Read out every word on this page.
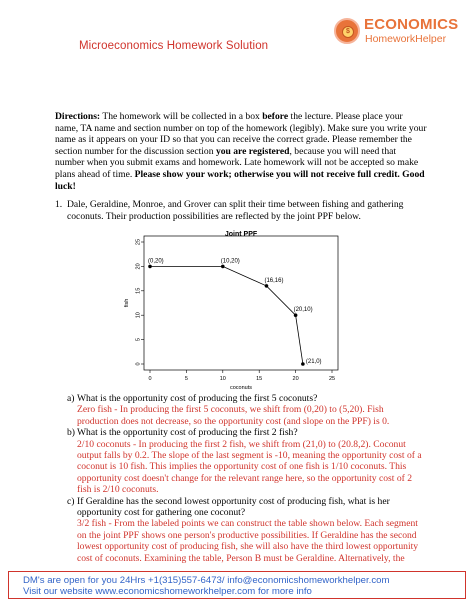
Microeconomics Homework Solution
$ ECONOMICS
HomeworkHelper
Directions: The homework will be collected in a box before the lecture. Please place your name, TA name and section number on top of the homework (legibly). Make sure you write your name as it appears on your ID so that you can receive the correct grade. Please remember the section number for the discussion section you are registered, because you will need that number when you submit exams and homework. Late homework will not be accepted so make plans ahead of time. Please show your work; otherwise you will not receive full credit. Good luck!
1. Dale, Geraldine, Monroe, and Grover can split their time between fishing and gathering coconuts. Their production possibilities are reflected by the joint PPF below.
Joint PPF
0	5	10	15	20	25
0
5
10
15
20
25
coconuts
fish
(0,20)	(10,20)
(16,16)
(20,10)
(21,0)
a) What is the opportunity cost of producing the first 5 coconuts?
Zero fish - In producing the first 5 coconuts, we shift from (0,20) to (5,20). Fish production does not decrease, so the opportunity cost (and slope on the PPF) is 0.
b) What is the opportunity cost of producing the first 2 fish?
2/10 coconuts - In producing the first 2 fish, we shift from (21,0) to (20.8,2). Coconut output falls by 0.2. The slope of the last segment is -10, meaning the opportunity cost of a coconut is 10 fish. This implies the opportunity cost of one fish is 1/10 coconuts. This opportunity cost doesn't change for the relevant range here, so the opportunity cost of 2 fish is 2/10 coconuts.
c) If Geraldine has the second lowest opportunity cost of producing fish, what is her opportunity cost for gathering one coconut?
3/2 fish - From the labeled points we can construct the table shown below. Each segment on the joint PPF shows one person's productive possibilities. If Geraldine has the second lowest opportunity cost of producing fish, she will also have the third lowest opportunity cost of coconuts. Examining the table, Person B must be Geraldine. Alternatively, the
DM's are open for you 24Hrs +1(315)557-6473/ info@economicshomeworkhelper.com
Visit our website www.economicshomeworkhelper.com for more info
